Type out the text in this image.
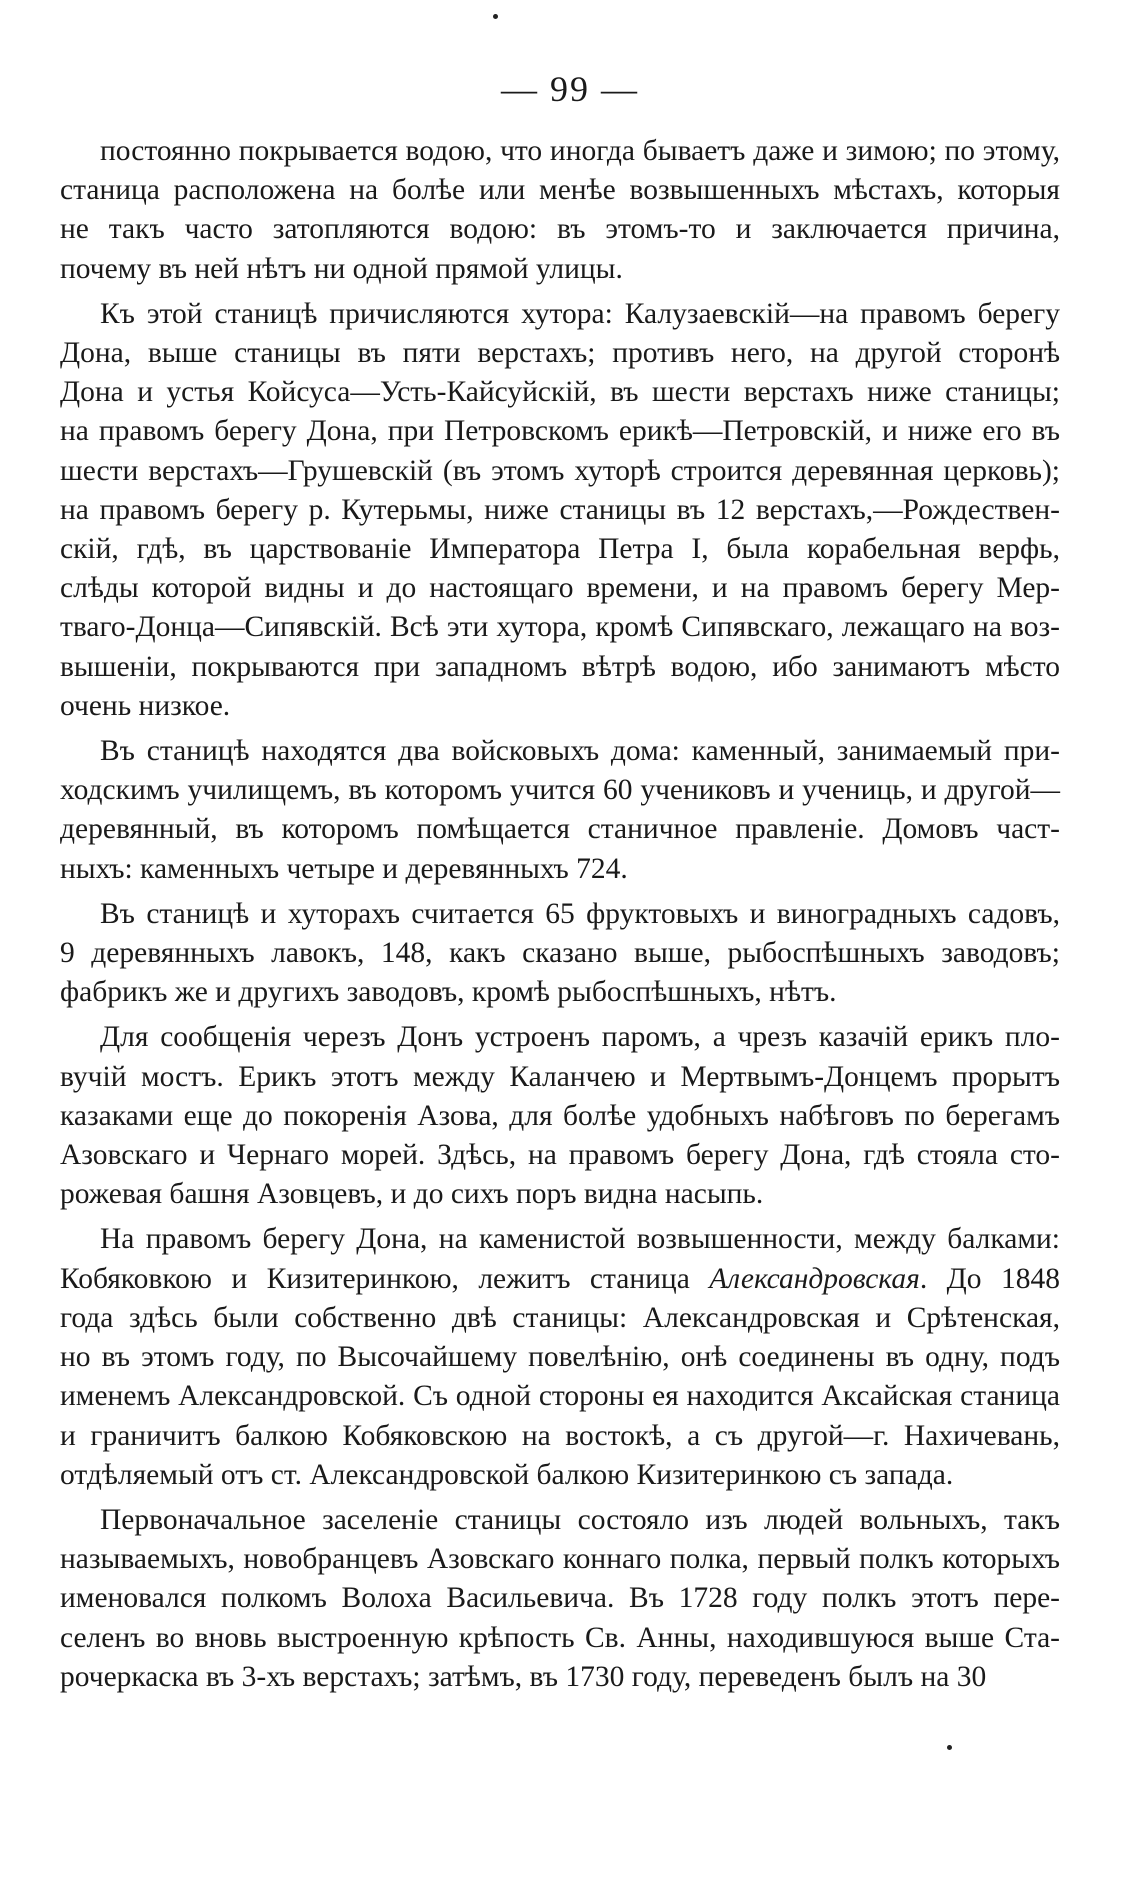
— 99 —
постоянно покрывается водою, что иногда бываетъ даже и зимою; по этому,
станица расположена на болѣе или менѣе возвышенныхъ мѣстахъ, которыя
не такъ часто затопляются водою: въ этомъ-то и заключается причина,
почему въ ней нѣтъ ни одной прямой улицы.
Къ этой станицѣ причисляются хутора: Калузаевскій—на правомъ берегу
Дона, выше станицы въ пяти верстахъ; противъ него, на другой сторонѣ
Дона и устья Койсуса—Усть-Кайсуйскій, въ шести верстахъ ниже станицы;
на правомъ берегу Дона, при Петровскомъ ерикѣ—Петровскій, и ниже его въ
шести верстахъ—Грушевскій (въ этомъ хуторѣ строится деревянная церковь);
на правомъ берегу р. Кутерьмы, ниже станицы въ 12 верстахъ,—Рождествен-
скій, гдѣ, въ царствованіе Императора Петра I, была корабельная верфь,
слѣды которой видны и до настоящаго времени, и на правомъ берегу Мер-
тваго-Донца—Сипявскій. Всѣ эти хутора, кромѣ Сипявскаго, лежащаго на воз-
вышеніи, покрываются при западномъ вѣтрѣ водою, ибо занимаютъ мѣсто
очень низкое.
Въ станицѣ находятся два войсковыхъ дома: каменный, занимаемый при-
ходскимъ училищемъ, въ которомъ учится 60 учениковъ и учениць, и другой—
деревянный, въ которомъ помѣщается станичное правленіе. Домовъ част-
ныхъ: каменныхъ четыре и деревянныхъ 724.
Въ станицѣ и хуторахъ считается 65 фруктовыхъ и виноградныхъ садовъ,
9 деревянныхъ лавокъ, 148, какъ сказано выше, рыбоспѣшныхъ заводовъ;
фабрикъ же и другихъ заводовъ, кромѣ рыбоспѣшныхъ, нѣтъ.
Для сообщенія черезъ Донъ устроенъ паромъ, а чрезъ казачій ерикъ пло-
вучій мостъ. Ерикъ этотъ между Каланчею и Мертвымъ-Донцемъ прорытъ
казаками еще до покоренія Азова, для болѣе удобныхъ набѣговъ по берегамъ
Азовскаго и Чернаго морей. Здѣсь, на правомъ берегу Дона, гдѣ стояла сто-
рожевая башня Азовцевъ, и до сихъ поръ видна насыпь.
На правомъ берегу Дона, на каменистой возвышенности, между балками:
Кобяковкою и Кизитеринкою, лежитъ станица Александровская. До 1848
года здѣсь были собственно двѣ станицы: Александровская и Срѣтенская,
но въ этомъ году, по Высочайшему повелѣнію, онѣ соединены въ одну, подъ
именемъ Александровской. Съ одной стороны ея находится Аксайская станица
и граничитъ балкою Кобяковскою на востокѣ, а съ другой—г. Нахичевань,
отдѣляемый отъ ст. Александровской балкою Кизитеринкою съ запада.
Первоначальное заселеніе станицы состояло изъ людей вольныхъ, такъ
называемыхъ, новобранцевъ Азовскаго коннаго полка, первый полкъ которыхъ
именовался полкомъ Волоха Васильевича. Въ 1728 году полкъ этотъ пере-
селенъ во вновь выстроенную крѣпость Св. Анны, находившуюся выше Ста-
рочеркаска въ 3-хъ верстахъ; затѣмъ, въ 1730 году, переведенъ былъ на 30
